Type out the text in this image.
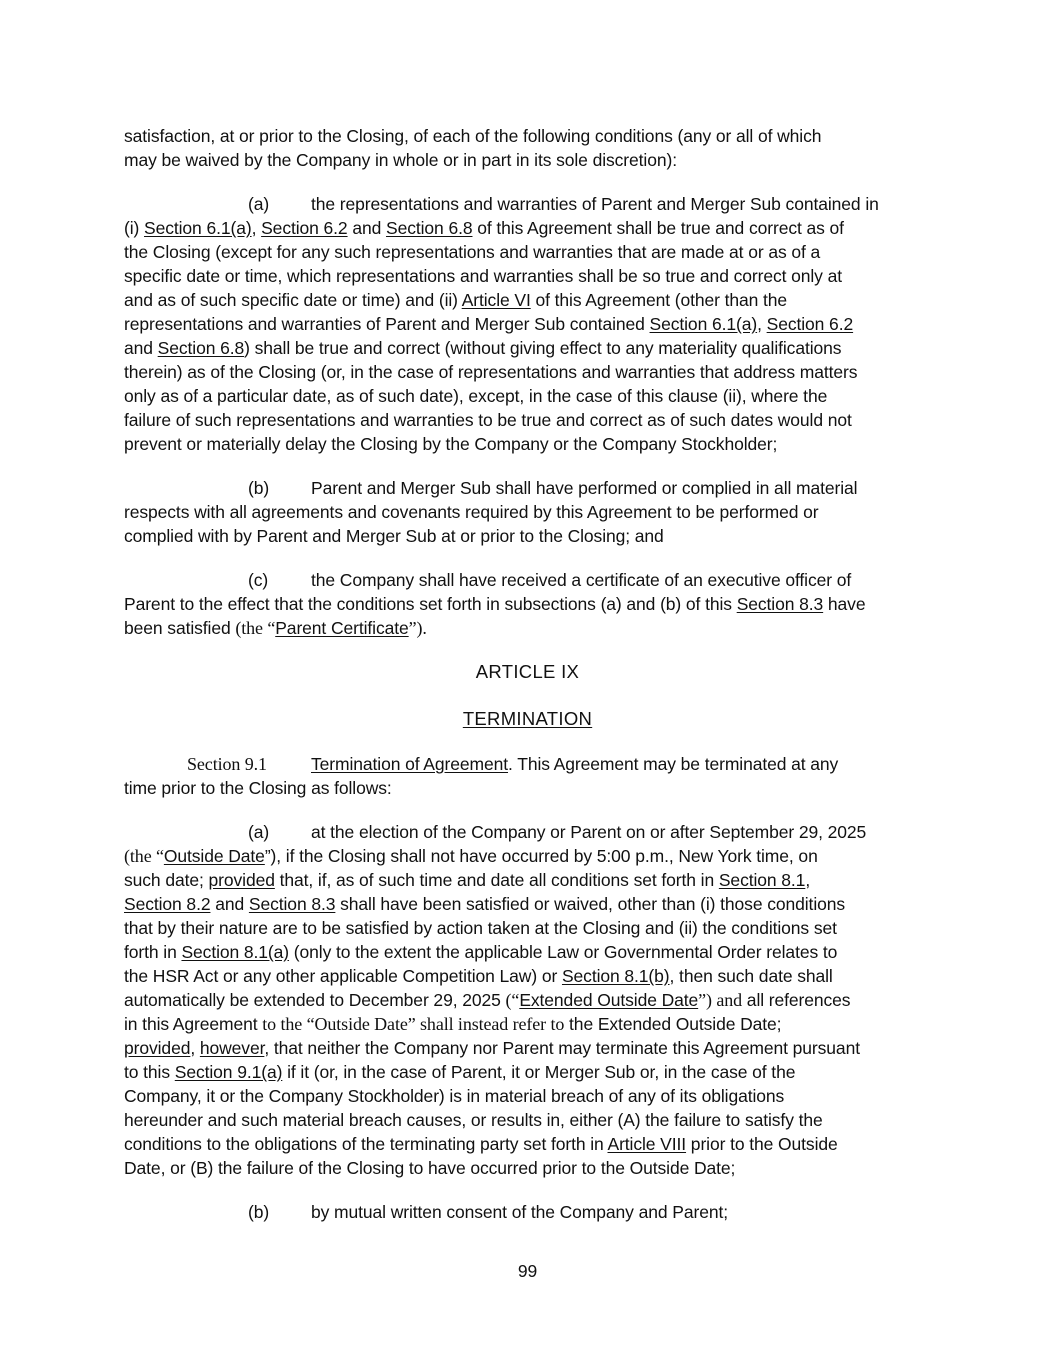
satisfaction, at or prior to the Closing, of each of the following conditions (any or all of which
may be waived by the Company in whole or in part in its sole discretion):
(a) the representations and warranties of Parent and Merger Sub contained in
(i) Section 6.1(a), Section 6.2 and Section 6.8 of this Agreement shall be true and correct as of
the Closing (except for any such representations and warranties that are made at or as of a
specific date or time, which representations and warranties shall be so true and correct only at
and as of such specific date or time) and (ii) Article VI of this Agreement (other than the
representations and warranties of Parent and Merger Sub contained Section 6.1(a), Section 6.2
and Section 6.8) shall be true and correct (without giving effect to any materiality qualifications
therein) as of the Closing (or, in the case of representations and warranties that address matters
only as of a particular date, as of such date), except, in the case of this clause (ii), where the
failure of such representations and warranties to be true and correct as of such dates would not
prevent or materially delay the Closing by the Company or the Company Stockholder;
(b) Parent and Merger Sub shall have performed or complied in all material
respects with all agreements and covenants required by this Agreement to be performed or
complied with by Parent and Merger Sub at or prior to the Closing; and
(c) the Company shall have received a certificate of an executive officer of
Parent to the effect that the conditions set forth in subsections (a) and (b) of this Section 8.3 have
been satisfied (the “Parent Certificate”).
ARTICLE IX
TERMINATION
Section 9.1	Termination of Agreement. This Agreement may be terminated at any
time prior to the Closing as follows:
(a) at the election of the Company or Parent on or after September 29, 2025
(the “Outside Date”), if the Closing shall not have occurred by 5:00 p.m., New York time, on
such date; provided that, if, as of such time and date all conditions set forth in Section 8.1,
Section 8.2 and Section 8.3 shall have been satisfied or waived, other than (i) those conditions
that by their nature are to be satisfied by action taken at the Closing and (ii) the conditions set
forth in Section 8.1(a) (only to the extent the applicable Law or Governmental Order relates to
the HSR Act or any other applicable Competition Law) or Section 8.1(b), then such date shall
automatically be extended to December 29, 2025 (“Extended Outside Date”) and all references
in this Agreement to the “Outside Date” shall instead refer to the Extended Outside Date;
provided, however, that neither the Company nor Parent may terminate this Agreement pursuant
to this Section 9.1(a) if it (or, in the case of Parent, it or Merger Sub or, in the case of the
Company, it or the Company Stockholder) is in material breach of any of its obligations
hereunder and such material breach causes, or results in, either (A) the failure to satisfy the
conditions to the obligations of the terminating party set forth in Article VIII prior to the Outside
Date, or (B) the failure of the Closing to have occurred prior to the Outside Date;
(b) by mutual written consent of the Company and Parent;
99
